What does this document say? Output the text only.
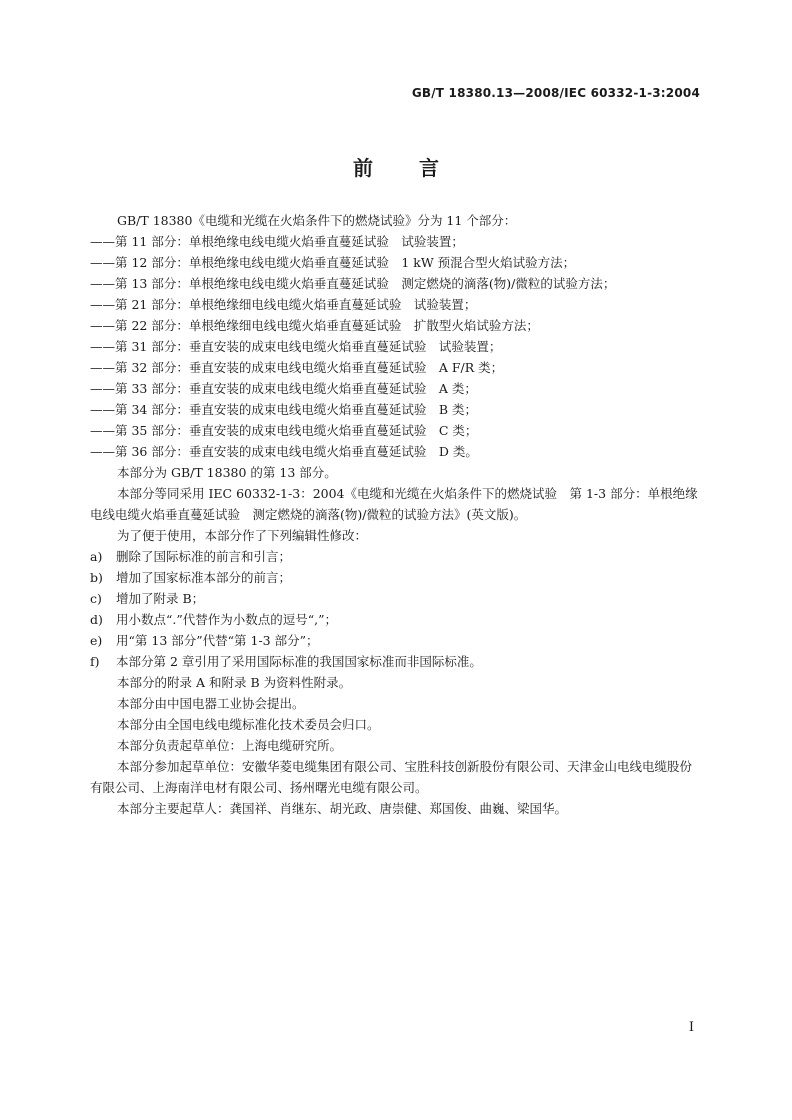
GB/T 18380.13—2008/IEC 60332-1-3:2004
前 言

GB/T 18380《电缆和光缆在火焰条件下的燃烧试验》分为 11 个部分：

——第 11 部分：单根绝缘电线电缆火焰垂直蔓延试验　试验装置；

——第 12 部分：单根绝缘电线电缆火焰垂直蔓延试验　1 kW 预混合型火焰试验方法；

——第 13 部分：单根绝缘电线电缆火焰垂直蔓延试验　测定燃烧的滴落(物)/微粒的试验方法；

——第 21 部分：单根绝缘细电线电缆火焰垂直蔓延试验　试验装置；

——第 22 部分：单根绝缘细电线电缆火焰垂直蔓延试验　扩散型火焰试验方法；

——第 31 部分：垂直安装的成束电线电缆火焰垂直蔓延试验　试验装置；

——第 32 部分：垂直安装的成束电线电缆火焰垂直蔓延试验　A F/R 类；

——第 33 部分：垂直安装的成束电线电缆火焰垂直蔓延试验　A 类；

——第 34 部分：垂直安装的成束电线电缆火焰垂直蔓延试验　B 类；

——第 35 部分：垂直安装的成束电线电缆火焰垂直蔓延试验　C 类；

——第 36 部分：垂直安装的成束电线电缆火焰垂直蔓延试验　D 类。

本部分为 GB/T 18380 的第 13 部分。

本部分等同采用 IEC 60332-1-3：2004《电缆和光缆在火焰条件下的燃烧试验　第 1-3 部分：单根绝缘电线电缆火焰垂直蔓延试验　测定燃烧的滴落(物)/微粒的试验方法》(英文版)。

为了便于使用，本部分作了下列编辑性修改：

a) 删除了国际标准的前言和引言；

b) 增加了国家标准本部分的前言；

c) 增加了附录 B；

d) 用小数点“.”代替作为小数点的逗号“,”；

e) 用“第 13 部分”代替“第 1-3 部分”；

f) 本部分第 2 章引用了采用国际标准的我国国家标准而非国际标准。

本部分的附录 A 和附录 B 为资料性附录。

本部分由中国电器工业协会提出。

本部分由全国电线电缆标准化技术委员会归口。

本部分负责起草单位：上海电缆研究所。

本部分参加起草单位：安徽华菱电缆集团有限公司、宝胜科技创新股份有限公司、天津金山电线电缆股份有限公司、上海南洋电材有限公司、扬州曙光电缆有限公司。

本部分主要起草人：龚国祥、肖继东、胡光政、唐崇健、郑国俊、曲巍、梁国华。

I
